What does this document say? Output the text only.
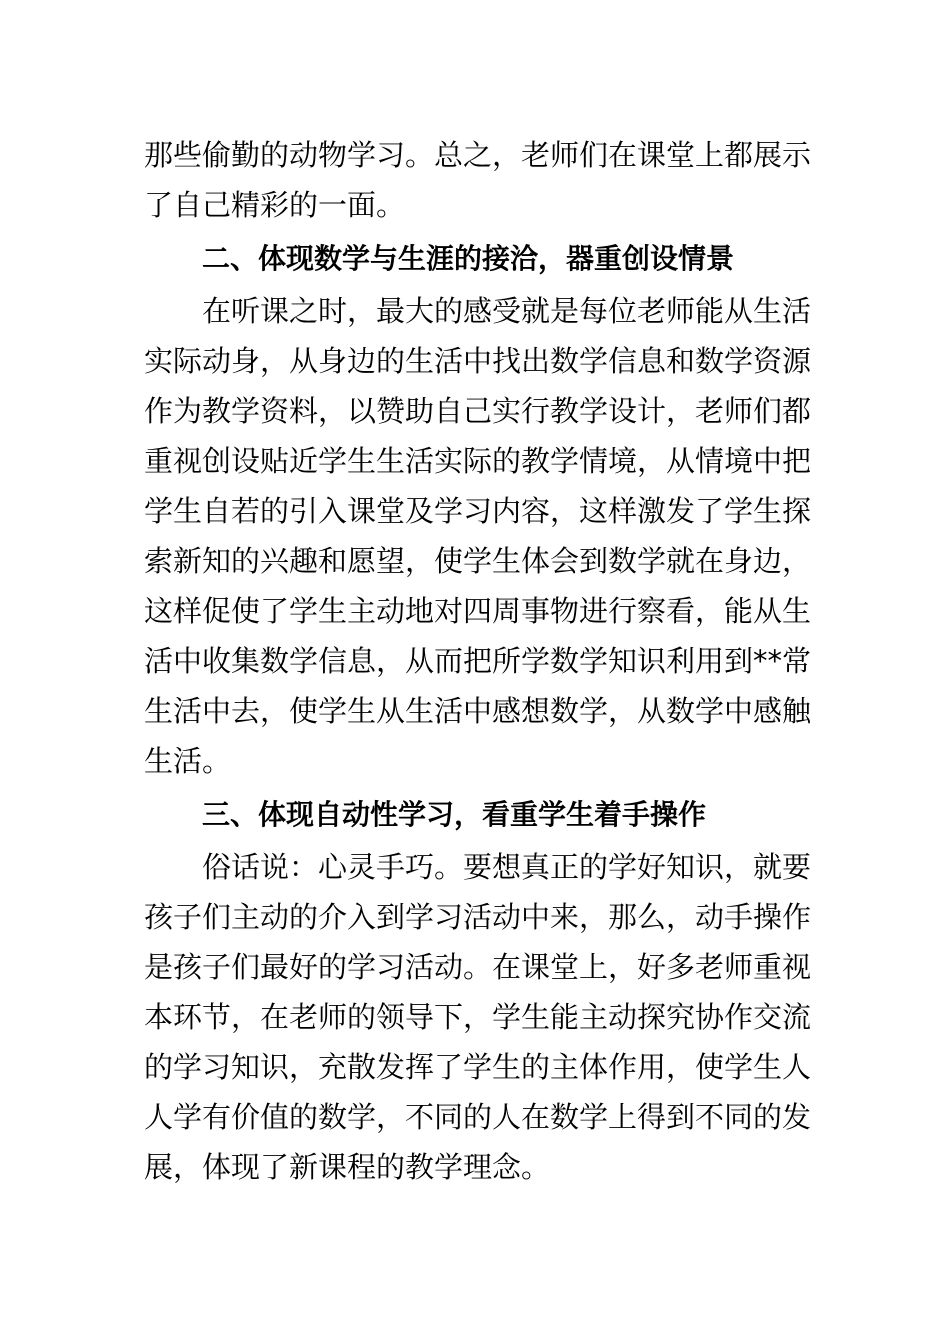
那些偷勤的动物学习。总之，老师们在课堂上都展示
了自己精彩的一面。
二、体现数学与生涯的接洽，器重创设情景
在听课之时，最大的感受就是每位老师能从生活
实际动身，从身边的生活中找出数学信息和数学资源
作为教学资料，以赞助自己实行教学设计，老师们都
重视创设贴近学生生活实际的教学情境，从情境中把
学生自若的引入课堂及学习内容，这样激发了学生探
索新知的兴趣和愿望，使学生体会到数学就在身边，
这样促使了学生主动地对四周事物进行察看，能从生
活中收集数学信息，从而把所学数学知识利用到**常
生活中去，使学生从生活中感想数学，从数学中感触
生活。
三、体现自动性学习，看重学生着手操作
俗话说：心灵手巧。要想真正的学好知识，就要
孩子们主动的介入到学习活动中来，那么，动手操作
是孩子们最好的学习活动。在课堂上，好多老师重视
本环节，在老师的领导下，学生能主动探究协作交流
的学习知识，充散发挥了学生的主体作用，使学生人
人学有价值的数学，不同的人在数学上得到不同的发
展，体现了新课程的教学理念。
